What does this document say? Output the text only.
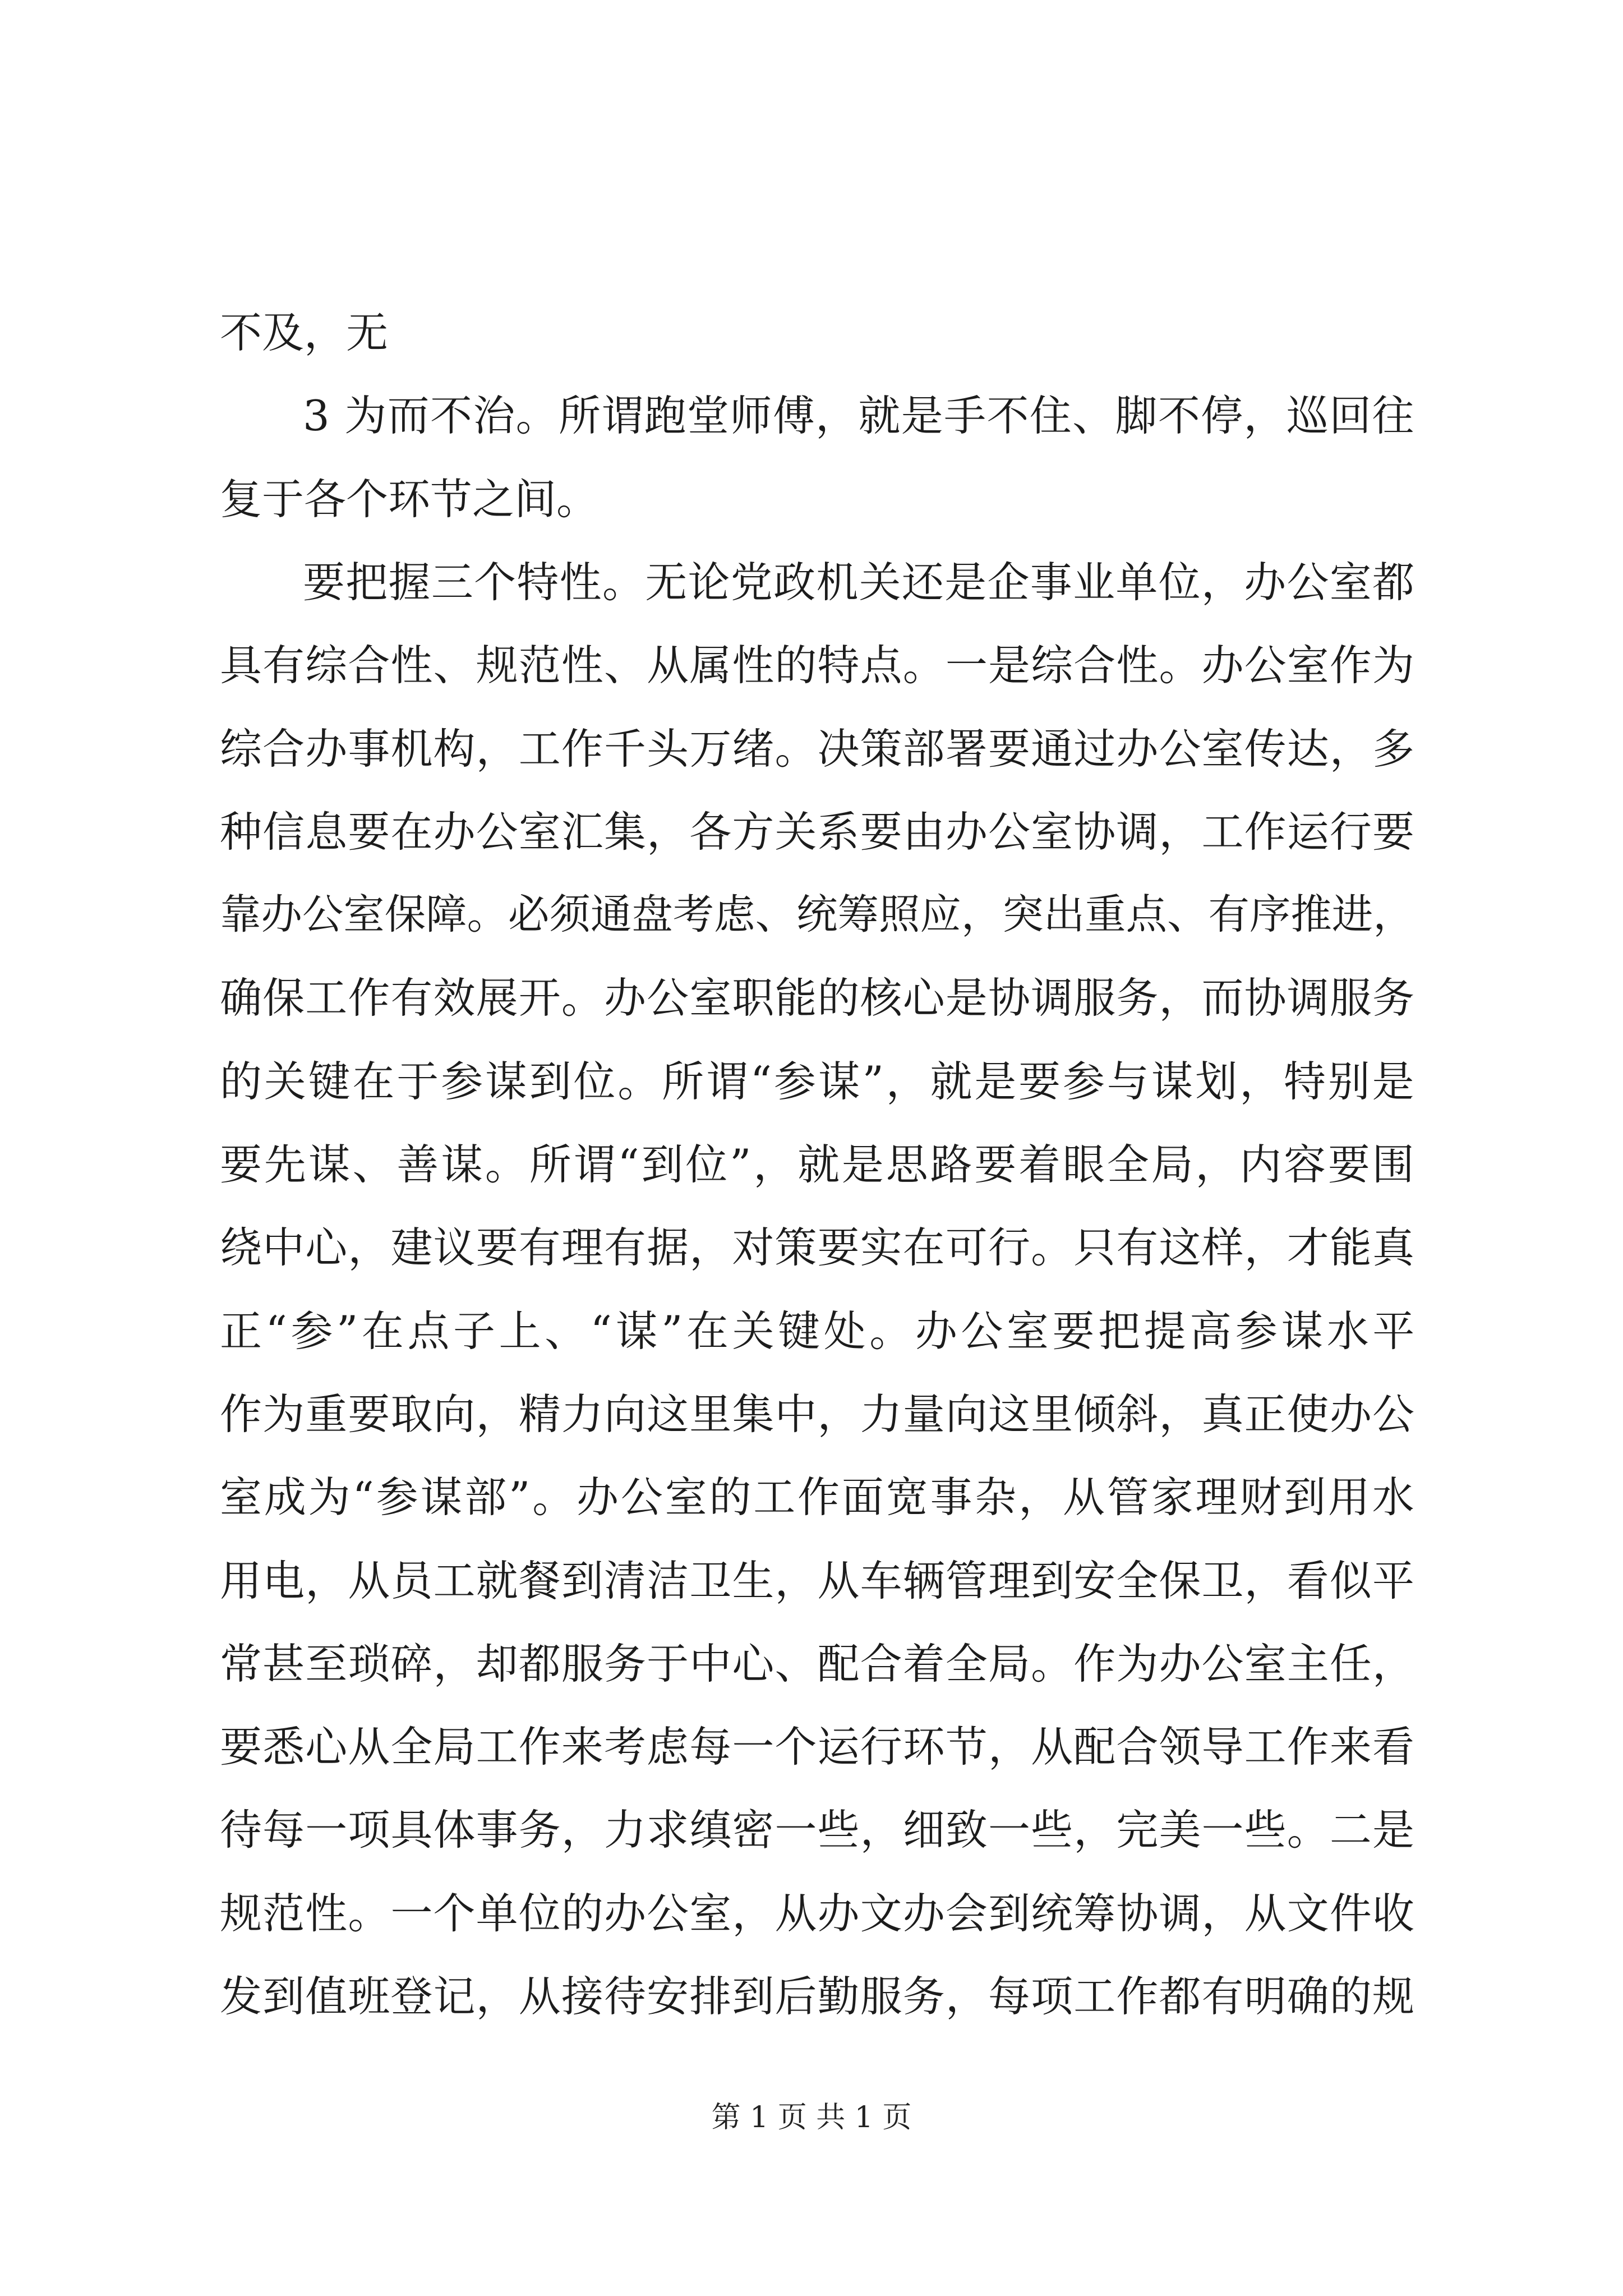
不及，无
3 为而不治。所谓跑堂师傅，就是手不住、脚不停，巡回往
复于各个环节之间。
要把握三个特性。无论党政机关还是企事业单位，办公室都
具有综合性、规范性、从属性的特点。一是综合性。办公室作为
综合办事机构，工作千头万绪。决策部署要通过办公室传达，多
种信息要在办公室汇集，各方关系要由办公室协调，工作运行要
靠办公室保障。必须通盘考虑、统筹照应，突出重点、有序推进，
确保工作有效展开。办公室职能的核心是协调服务，而协调服务
的关键在于参谋到位。所谓“参谋”，就是要参与谋划，特别是
要先谋、善谋。所谓“到位”，就是思路要着眼全局，内容要围
绕中心，建议要有理有据，对策要实在可行。只有这样，才能真
正“参”在点子上、“谋”在关键处。办公室要把提高参谋水平
作为重要取向，精力向这里集中，力量向这里倾斜，真正使办公
室成为“参谋部”。办公室的工作面宽事杂，从管家理财到用水
用电，从员工就餐到清洁卫生，从车辆管理到安全保卫，看似平
常甚至琐碎，却都服务于中心、配合着全局。作为办公室主任，
要悉心从全局工作来考虑每一个运行环节，从配合领导工作来看
待每一项具体事务，力求缜密一些，细致一些，完美一些。二是
规范性。一个单位的办公室，从办文办会到统筹协调，从文件收
发到值班登记，从接待安排到后勤服务，每项工作都有明确的规
第 1 页 共 1 页
